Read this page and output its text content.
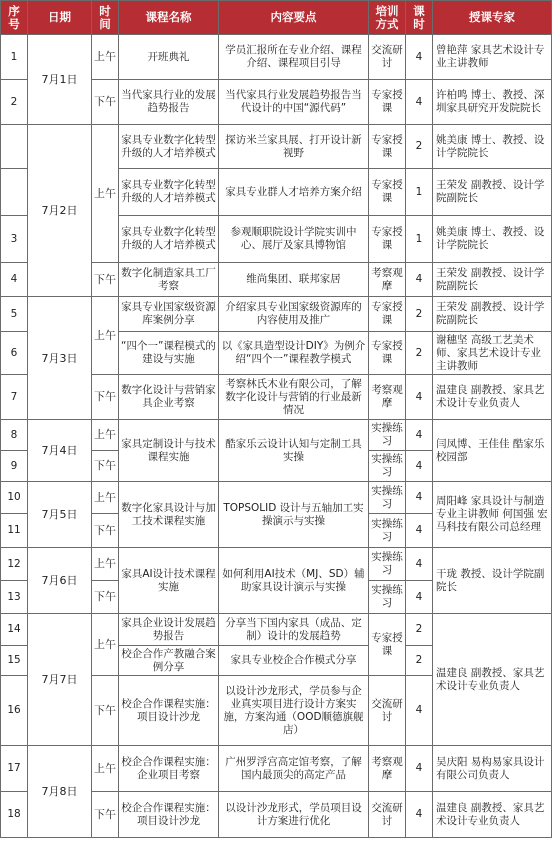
序号	日期	时间	课程名称	内容要点	培训方式	课时	授课专家
1	7月1日	上午	开班典礼	学员汇报所在专业介绍、课程介绍、课程项目引导	交流研讨	4	曾艳萍 家具艺术设计专业主讲教师
2		下午	当代家具行业的发展趋势报告	当代家具行业发展趋势报告当代设计的中国“源代码”	专家授课	4	许柏鸣 博士、教授、深圳家具研究开发院院长
	7月2日	上午	家具专业数字化转型升级的人才培养模式	探访米兰家具展、打开设计新视野	专家授课	2	姚美康 博士、教授、设计学院院长
			家具专业数字化转型升级的人才培养模式	家具专业群人才培养方案介绍	专家授课	1	王荣发 副教授、设计学院副院长
3			家具专业数字化转型升级的人才培养模式	参观顺职院设计学院实训中心、展厅及家具博物馆	专家授课	1	姚美康 博士、教授、设计学院院长
4		下午	数字化制造家具工厂考察	维尚集团、联邦家居	考察观摩	4	王荣发 副教授、设计学院副院长
5	7月3日	上午	家具专业国家级资源库案例分享	介绍家具专业国家级资源库的内容使用及推广	专家授课	2	王荣发 副教授、设计学院副院长
6			“四个一”课程模式的建设与实施	以《家具造型设计DIY》为例介绍“四个一”课程教学模式	专家授课	2	谢穗坚 高级工艺美术师、家具艺术设计专业主讲教师
7		下午	数字化设计与营销家具企业考察	考察林氏木业有限公司，了解数字化设计与营销的行业最新情况	考察观摩	4	温建良 副教授、家具艺术设计专业负责人
8	7月4日	上午	家具定制设计与技术课程实施	酷家乐云设计认知与定制工具实操	实操练习	4	闫凤博、王佳佳 酷家乐校园部
9		下午			实操练习	4	
10	7月5日	上午	数字化家具设计与加工技术课程实施	TOPSOLID 设计与五轴加工实操演示与实操	实操练习	4	周阳峰 家具设计与制造专业主讲教师 何国强 宏马科技有限公司总经理
11		下午			实操练习	4	
12	7月6日	上午	家具AI设计技术课程实施	如何利用AI技术（MJ、SD）辅助家具设计演示与实操	实操练习	4	干珑 教授、设计学院副院长
13		下午			实操练习	4	
14	7月7日	上午	家具企业设计发展趋势报告	分享当下国内家具（成品、定制）设计的发展趋势	专家授课	2	温建良 副教授、家具艺术设计专业负责人
15			校企合作产教融合案例分享	家具专业校企合作模式分享		2	
16		下午	校企合作课程实施：项目设计沙龙	以设计沙龙形式，学员参与企业真实项目进行设计方案实施，方案沟通（OOD顺德旗舰店）	交流研讨	4	
17	7月8日	上午	校企合作课程实施：企业项目考察	广州罗浮宫高定馆考察，了解国内最顶尖的高定产品	考察观摩	4	吴庆阳 易构易家具设计有限公司负责人
18		下午	校企合作课程实施：项目设计沙龙	以设计沙龙形式，学员项目设计方案进行优化	交流研讨	4	温建良 副教授、家具艺术设计专业负责人
